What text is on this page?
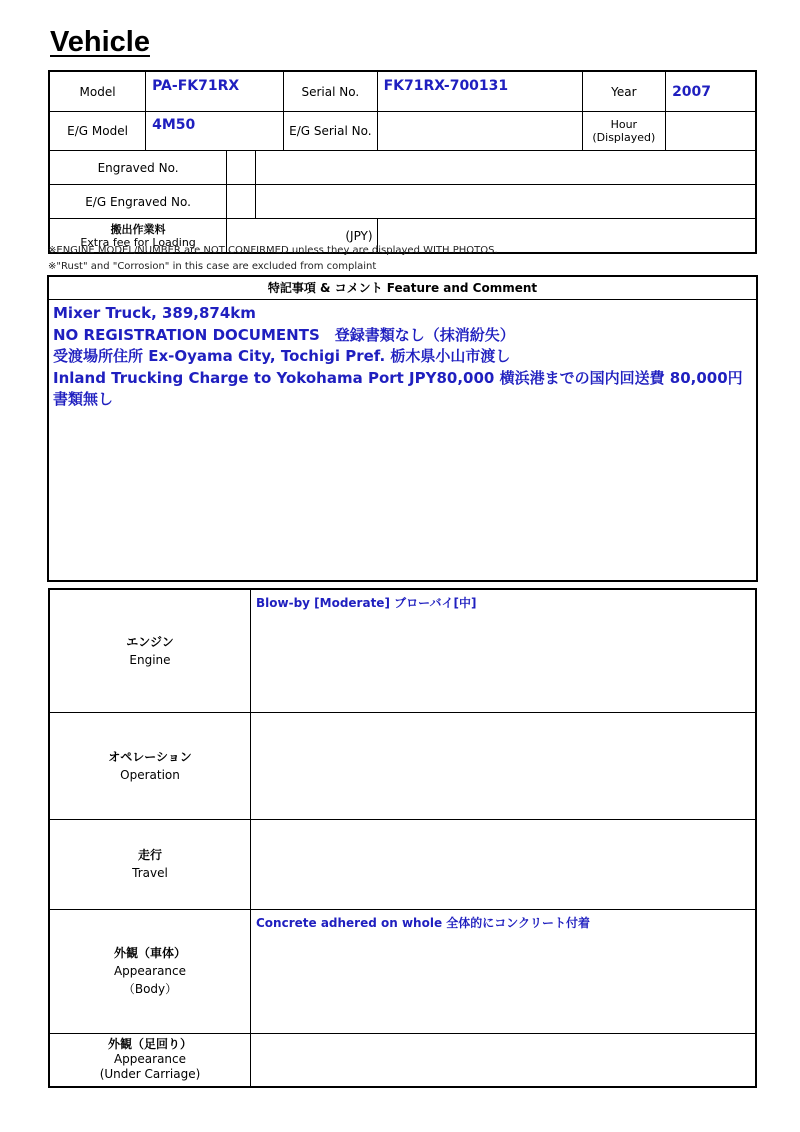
Vehicle
Model	PA-FK71RX			Serial No.	FK71RX-700131	Year	2007
E/G Model	4M50			E/G Serial No.		Hour
(Displayed)	

Engraved No.							
E/G Engraved No.							

搬出作業料
Extra fee for Loading		(JPY)					
※ENGINE MODEL/NUMBER are NOT CONFIRMED unless they are displayed WITH PHOTOS.
※"Rust" and "Corrosion" in this case are excluded from complaint
特記事項 & コメント Feature and Comment
Mixer Truck, 389,874km
NO REGISTRATION DOCUMENTS　登録書類なし（抹消紛失）
受渡場所住所 Ex-Oyama City, Tochigi Pref. 栃木県小山市渡し
Inland Trucking Charge to Yokohama Port JPY80,000 横浜港までの国内回送費 80,000円
書類無し
エンジン
Engine	Blow-by [Moderate] ブローバイ[中]

オペレーション
Operation	

走行
Travel	

外観（車体）
Appearance
（Body）	Concrete adhered on whole 全体的にコンクリート付着

外観（足回り）
Appearance
(Under Carriage)	
